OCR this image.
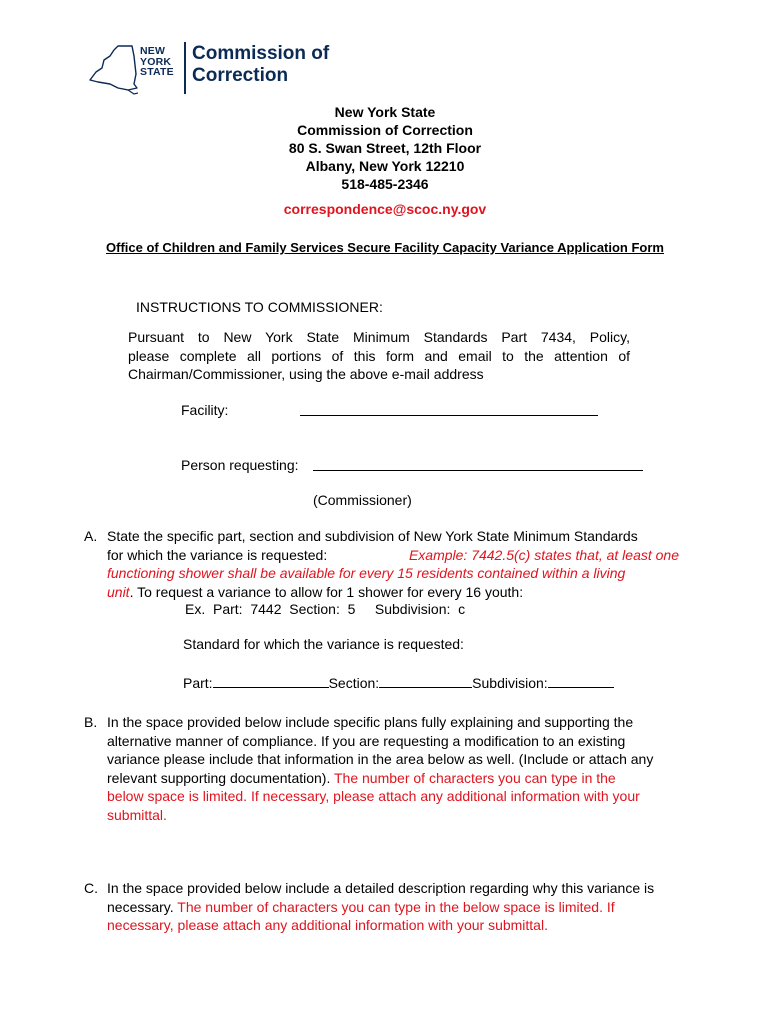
NEW
YORK
STATE
Commission of
Correction
New York State
Commission of Correction
80 S. Swan Street, 12th Floor
Albany, New York 12210
518-485-2346
correspondence@scoc.ny.gov
Office of Children and Family Services Secure Facility Capacity Variance Application Form
INSTRUCTIONS TO COMMISSIONER:
Pursuant to New York State Minimum Standards Part 7434, Policy,
please complete all portions of this form and email to the attention of
Chairman/Commissioner, using the above e-mail address
Facility:
Person requesting:
(Commissioner)
A. State the specific part, section and subdivision of New York State Minimum Standards
for which the variance is requested:	Example: 7442.5(c) states that, at least one
functioning shower shall be available for every 15 residents contained within a living
unit. To request a variance to allow for 1 shower for every 16 youth:
Ex.  Part:  7442  Section:  5     Subdivision:  c
Standard for which the variance is requested:
Part:	Section:	Subdivision:
B. In the space provided below include specific plans fully explaining and supporting the
alternative manner of compliance. If you are requesting a modification to an existing
variance please include that information in the area below as well. (Include or attach any
relevant supporting documentation). The number of characters you can type in the
below space is limited. If necessary, please attach any additional information with your
submittal.
C. In the space provided below include a detailed description regarding why this variance is
necessary. The number of characters you can type in the below space is limited. If
necessary, please attach any additional information with your submittal.
